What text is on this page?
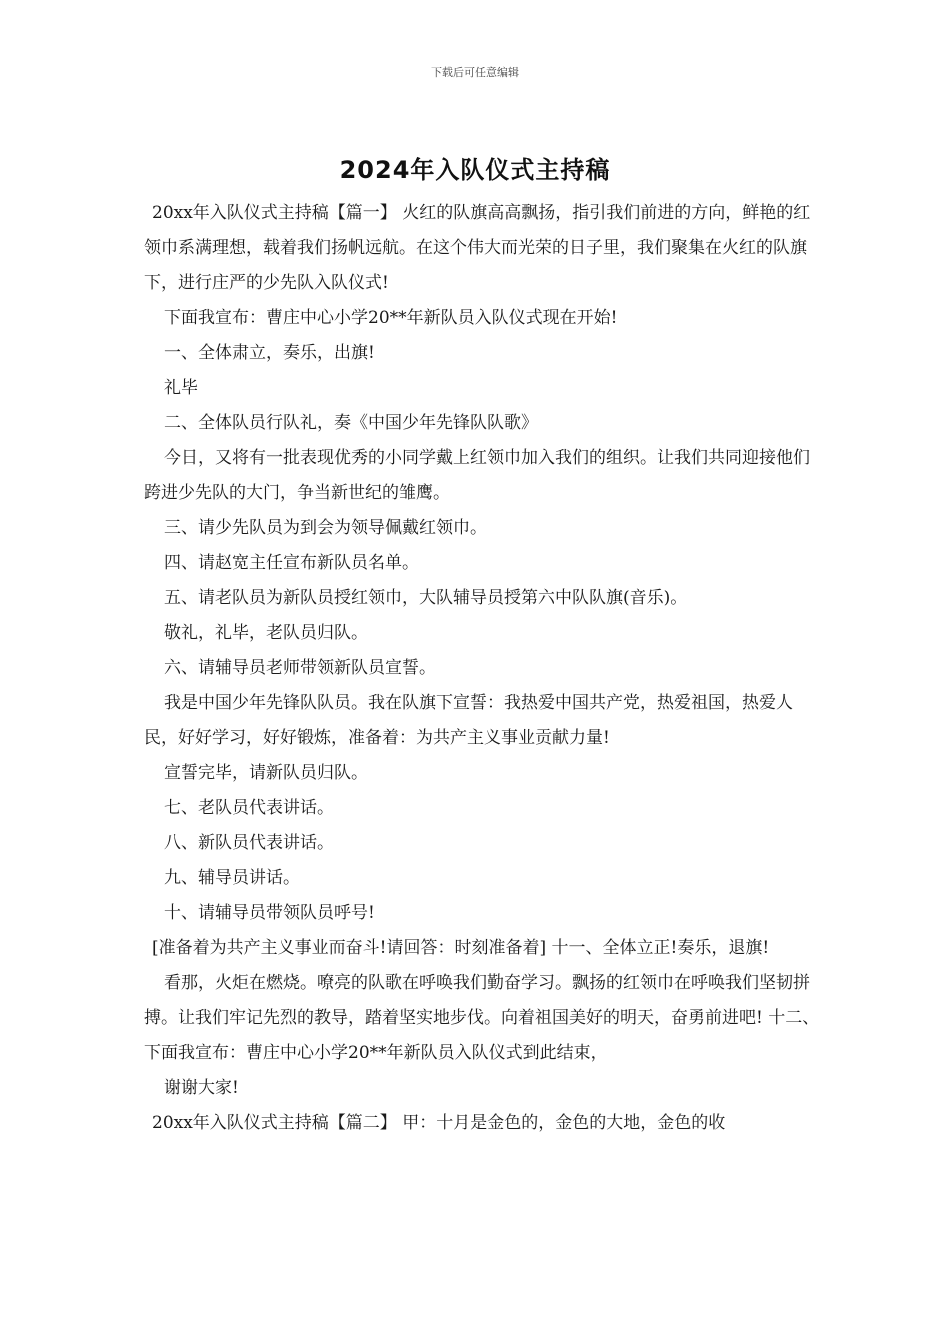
下载后可任意编辑
2024年入队仪式主持稿

20xx年入队仪式主持稿【篇一】 火红的队旗高高飘扬，指引我们前进的方向，鲜艳的红领巾系满理想，载着我们扬帆远航。在这个伟大而光荣的日子里，我们聚集在火红的队旗下，进行庄严的少先队入队仪式!

下面我宣布：曹庄中心小学20**年新队员入队仪式现在开始!

一、全体肃立，奏乐，出旗!

礼毕

二、全体队员行队礼，奏《中国少年先锋队队歌》

今日，又将有一批表现优秀的小同学戴上红领巾加入我们的组织。让我们共同迎接他们跨进少先队的大门，争当新世纪的雏鹰。

三、请少先队员为到会为领导佩戴红领巾。

四、请赵宽主任宣布新队员名单。

五、请老队员为新队员授红领巾，大队辅导员授第六中队队旗(音乐)。

敬礼，礼毕，老队员归队。

六、请辅导员老师带领新队员宣誓。

我是中国少年先锋队队员。我在队旗下宣誓：我热爱中国共产党，热爱祖国，热爱人民，好好学习，好好锻炼，准备着：为共产主义事业贡献力量!

宣誓完毕，请新队员归队。

七、老队员代表讲话。

八、新队员代表讲话。

九、辅导员讲话。

十、请辅导员带领队员呼号!

[准备着为共产主义事业而奋斗!请回答：时刻准备着] 十一、全体立正!奏乐，退旗!

看那，火炬在燃烧。嘹亮的队歌在呼唤我们勤奋学习。飘扬的红领巾在呼唤我们坚韧拼搏。让我们牢记先烈的教导，踏着坚实地步伐。向着祖国美好的明天，奋勇前进吧! 十二、下面我宣布：曹庄中心小学20**年新队员入队仪式到此结束，

谢谢大家!

20xx年入队仪式主持稿【篇二】 甲：十月是金色的，金色的大地，金色的收
